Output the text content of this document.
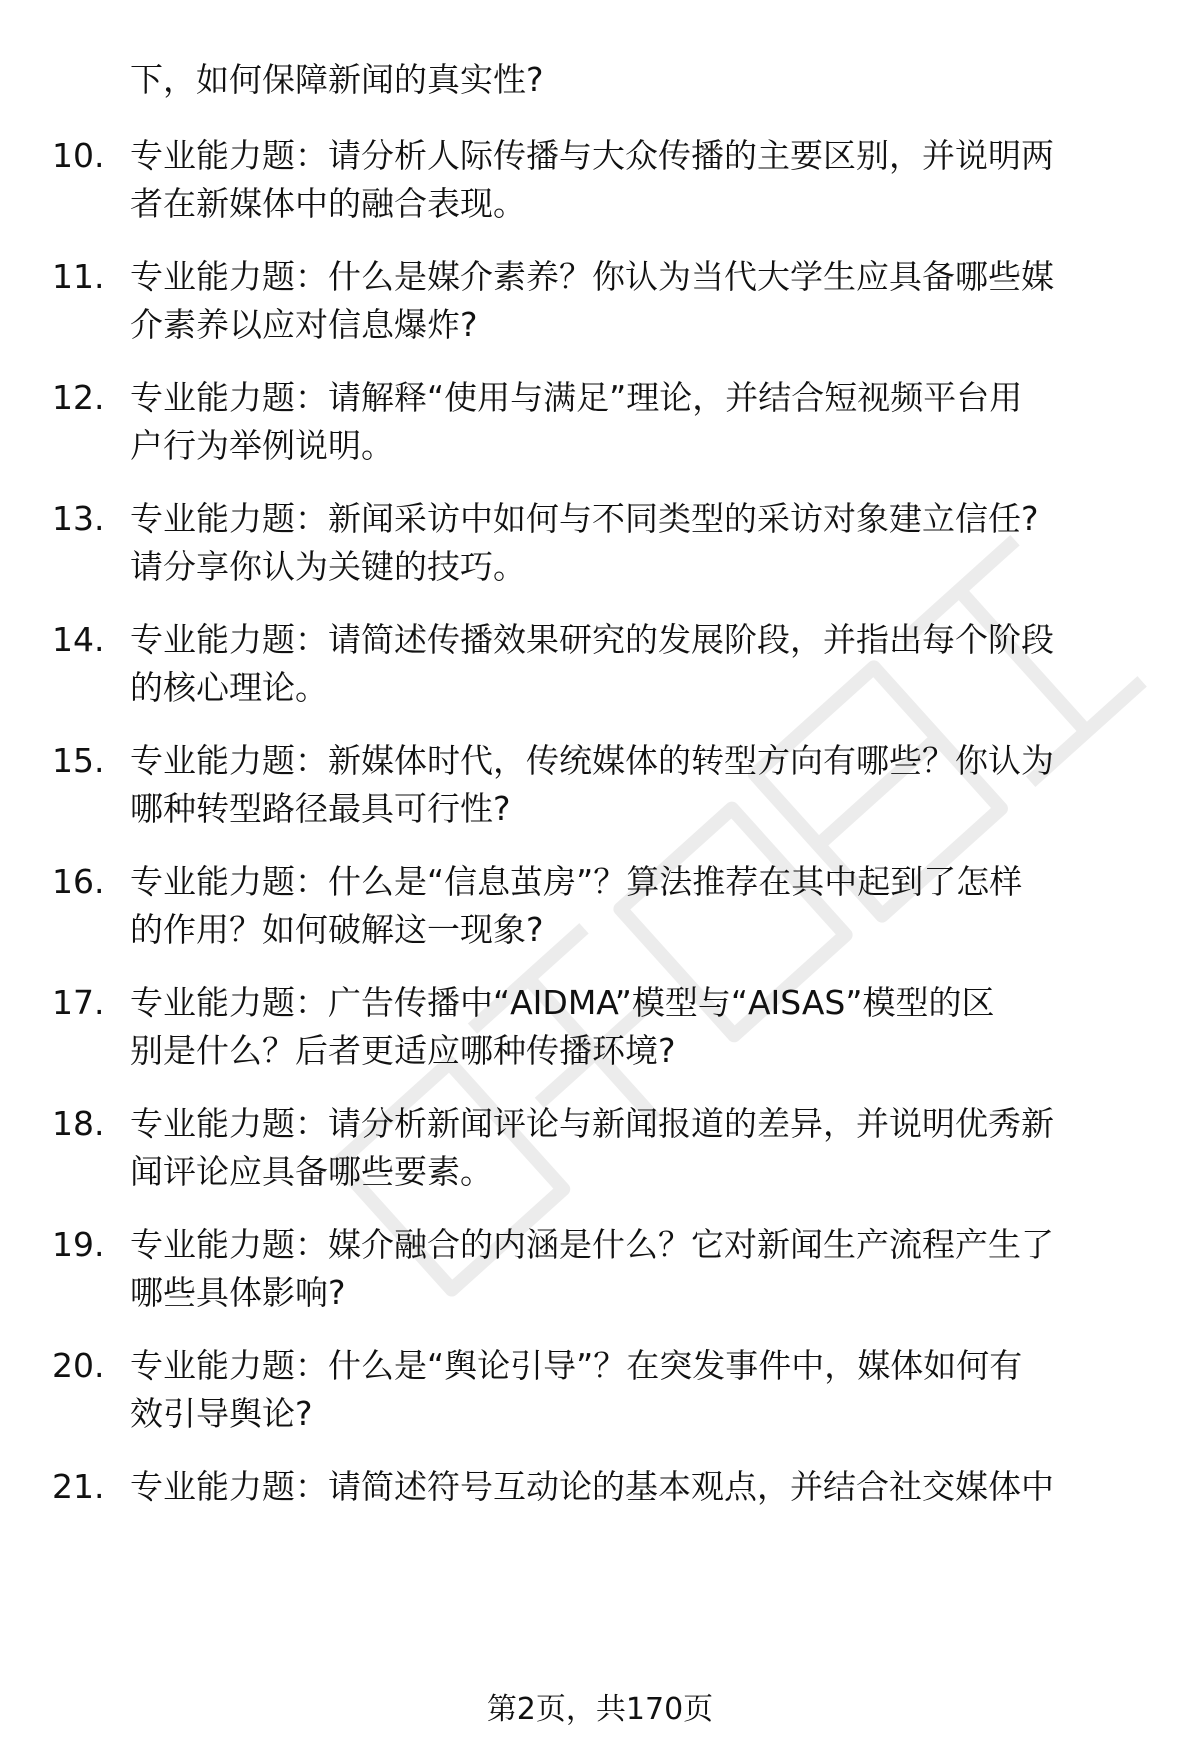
下，如何保障新闻的真实性?
10. 专业能力题：请分析人际传播与大众传播的主要区别，并说明两
者在新媒体中的融合表现。
11. 专业能力题：什么是媒介素养？你认为当代大学生应具备哪些媒
介素养以应对信息爆炸?
12. 专业能力题：请解释“使用与满足”理论，并结合短视频平台用
户行为举例说明。
13. 专业能力题：新闻采访中如何与不同类型的采访对象建立信任?
请分享你认为关键的技巧。
14. 专业能力题：请简述传播效果研究的发展阶段，并指出每个阶段
的核心理论。
15. 专业能力题：新媒体时代，传统媒体的转型方向有哪些？你认为
哪种转型路径最具可行性?
16. 专业能力题：什么是“信息茧房”？算法推荐在其中起到了怎样
的作用？如何破解这一现象?
17. 专业能力题：广告传播中“AIDMA”模型与“AISAS”模型的区
别是什么？后者更适应哪种传播环境?
18. 专业能力题：请分析新闻评论与新闻报道的差异，并说明优秀新
闻评论应具备哪些要素。
19. 专业能力题：媒介融合的内涵是什么？它对新闻生产流程产生了
哪些具体影响?
20. 专业能力题：什么是“舆论引导”？在突发事件中，媒体如何有
效引导舆论?
21. 专业能力题：请简述符号互动论的基本观点，并结合社交媒体中
第2页，共170页
